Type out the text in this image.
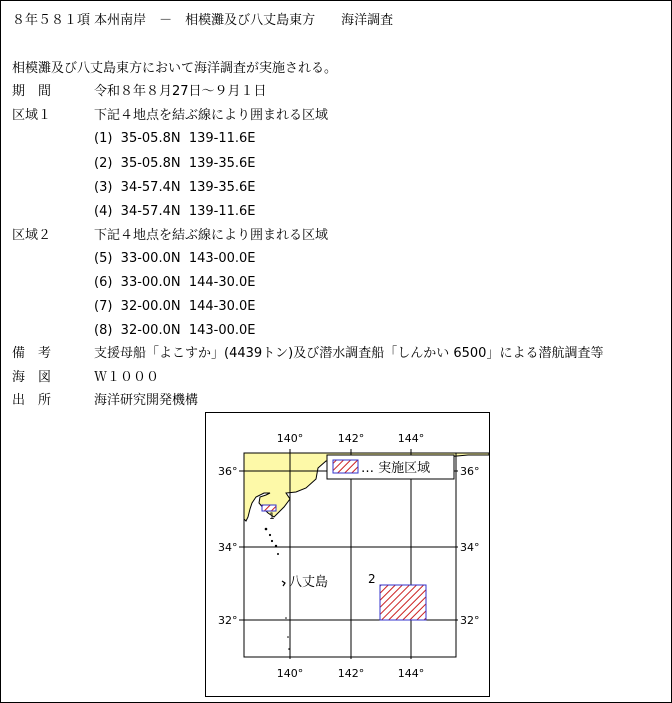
８年５８１項 本州南岸　－　相模灘及び八丈島東方　　海洋調査
相模灘及び八丈島東方において海洋調査が実施される。
期　間	令和８年８月27日～９月１日
区域１	下記４地点を結ぶ線により囲まれる区域
(1)  35-05.8N  139-11.6E
(2)  35-05.8N  139-35.6E
(3)  34-57.4N  139-35.6E
(4)  34-57.4N  139-11.6E
区域２	下記４地点を結ぶ線により囲まれる区域
(5)  33-00.0N  143-00.0E
(6)  33-00.0N  144-30.0E
(7)  32-00.0N  144-30.0E
(8)  32-00.0N  143-00.0E
備　考	支援母船「よこすか」(4439トン)及び潜水調査船「しんかい 6500」による潜航調査等
海　図	Ｗ１０００
出　所	海洋研究開発機構
… 実施区域
140°	142°	144°
140°	142°	144°
36°
34°
32°
36°
34°
32°
2
1
八丈島
